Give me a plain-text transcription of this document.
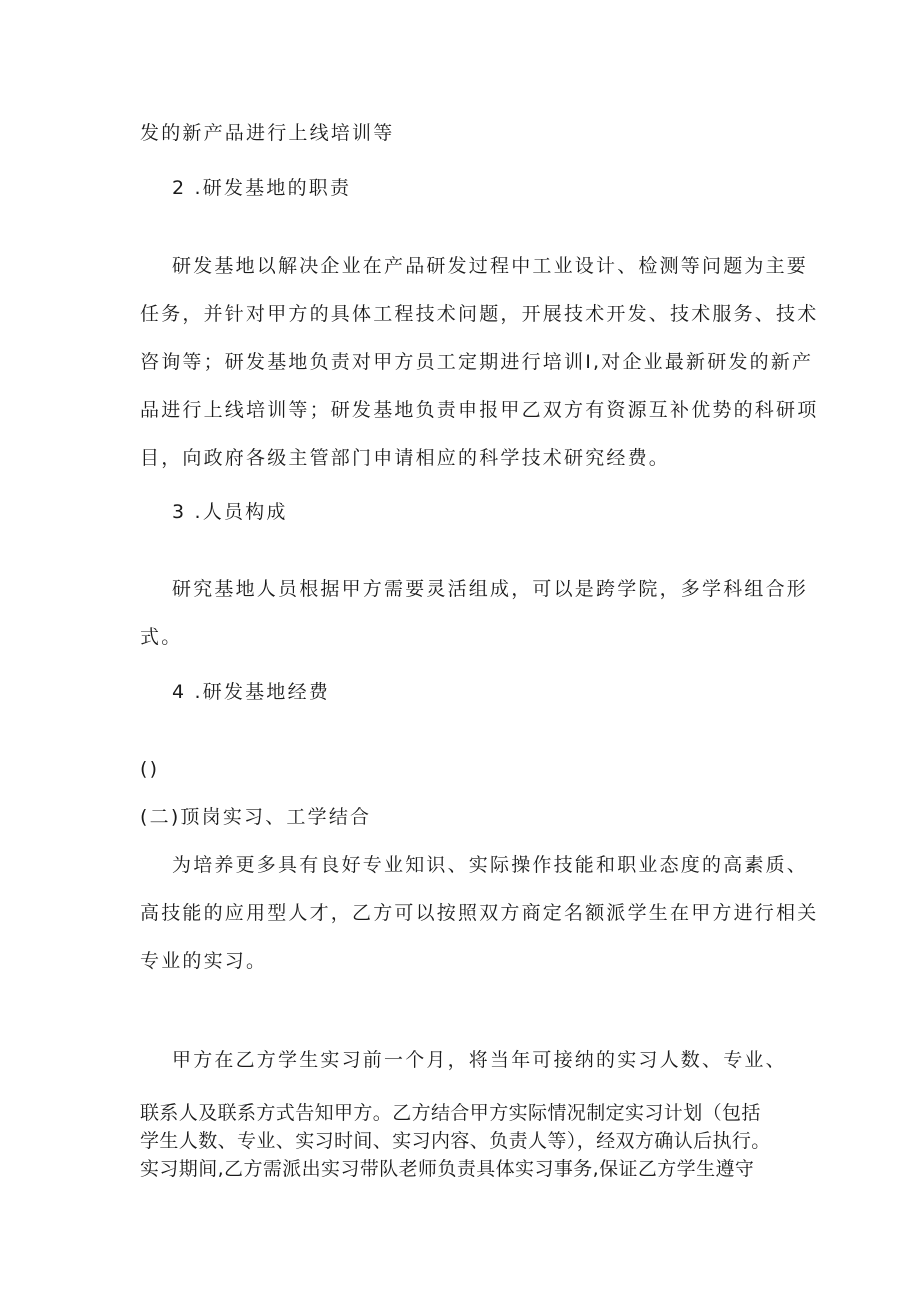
发的新产品进行上线培训等
2 .研发基地的职责
研发基地以解决企业在产品研发过程中工业设计、检测等问题为主要
任务，并针对甲方的具体工程技术问题，开展技术开发、技术服务、技术
咨询等；研发基地负责对甲方员工定期进行培训I,对企业最新研发的新产
品进行上线培训等；研发基地负责申报甲乙双方有资源互补优势的科研项
目，向政府各级主管部门申请相应的科学技术研究经费。
3 .人员构成
研究基地人员根据甲方需要灵活组成，可以是跨学院，多学科组合形
式。
4 .研发基地经费
()
(二)顶岗实习、工学结合
为培养更多具有良好专业知识、实际操作技能和职业态度的高素质、
高技能的应用型人才，乙方可以按照双方商定名额派学生在甲方进行相关
专业的实习。
甲方在乙方学生实习前一个月，将当年可接纳的实习人数、专业、
联系人及联系方式告知甲方。乙方结合甲方实际情况制定实习计划（包括
学生人数、专业、实习时间、实习内容、负责人等），经双方确认后执行。
实习期间,乙方需派出实习带队老师负责具体实习事务,保证乙方学生遵守
